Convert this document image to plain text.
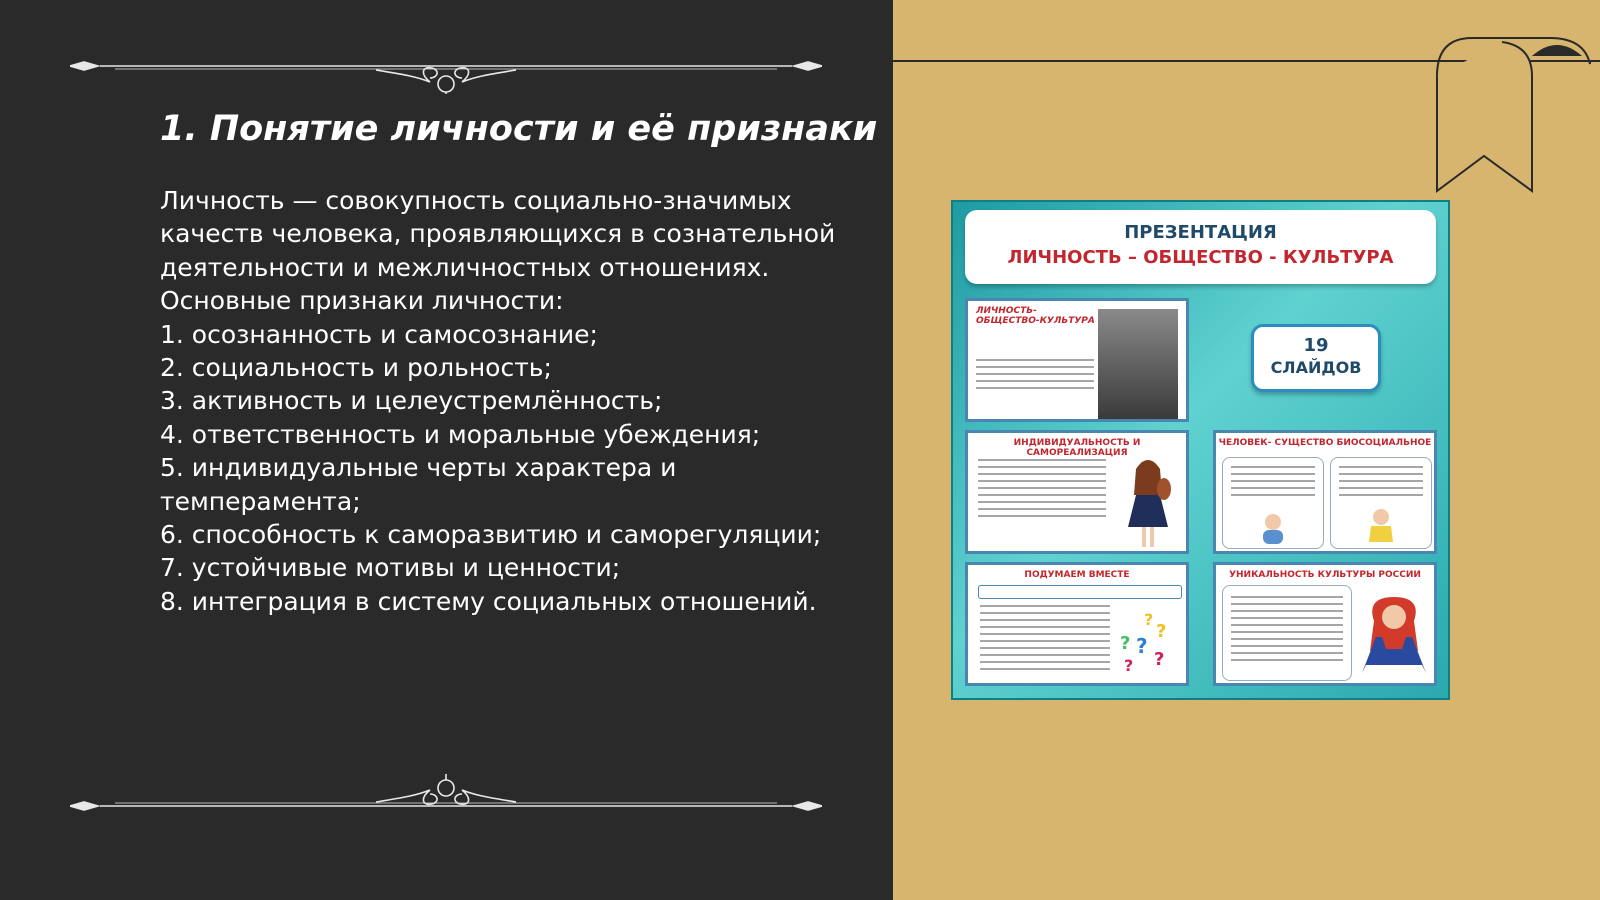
1. Понятие личности и её признаки

Личность — совокупность социально-значимых качеств человека, проявляющихся в сознательной деятельности и межличностных отношениях. Основные признаки личности:

1. осознанность и самосознание;
2. социальность и рольность;
3. активность и целеустремлённость;
4. ответственность и моральные убеждения;
5. индивидуальные черты характера и темперамента;
6. способность к саморазвитию и саморегуляции;
7. устойчивые мотивы и ценности;
8. интеграция в систему социальных отношений.
ПРЕЗЕНТАЦИЯ
ЛИЧНОСТЬ – ОБЩЕСТВО - КУЛЬТУРА
ЛИЧНОСТЬ-ОБЩЕСТВО-КУЛЬТУРА
19
СЛАЙДОВ
ИНДИВИДУАЛЬНОСТЬ И САМОРЕАЛИЗАЦИЯ
ЧЕЛОВЕК- СУЩЕСТВО БИОСОЦИАЛЬНОЕ
ПОДУМАЕМ ВМЕСТЕ
?
?
? ?
?
?
УНИКАЛЬНОСТЬ КУЛЬТУРЫ РОССИИ
